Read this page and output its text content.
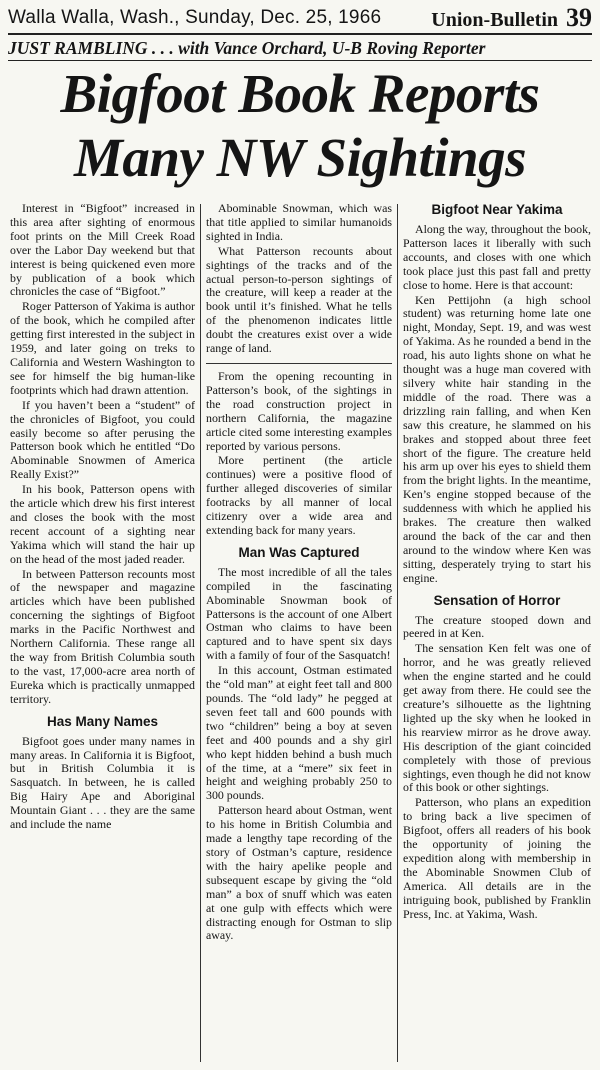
Walla Walla, Wash., Sunday, Dec. 25, 1966	Union-Bulletin 39
JUST RAMBLING . . . with Vance Orchard, U-B Roving Reporter
Bigfoot Book Reports
Many NW Sightings

Interest in “Bigfoot” increased in this area after sighting of enormous foot prints on the Mill Creek Road over the Labor Day weekend but that interest is being quickened even more by publication of a book which chronicles the case of “Bigfoot.”

Roger Patterson of Yakima is author of the book, which he compiled after getting first interested in the subject in 1959, and later going on treks to California and Western Washington to see for himself the big human-like footprints which had drawn attention.

If you haven’t been a “student” of the chronicles of Bigfoot, you could easily become so after perusing the Patterson book which he entitled “Do Abominable Snowmen of America Really Exist?”

In his book, Patterson opens with the article which drew his first interest and closes the book with the most recent account of a sighting near Yakima which will stand the hair up on the head of the most jaded reader.

In between Patterson recounts most of the newspaper and magazine articles which have been published concerning the sightings of Bigfoot marks in the Pacific Northwest and Northern California. These range all the way from British Columbia south to the vast, 17,000-acre area north of Eureka which is practically unmapped territory.

Has Many Names

Bigfoot goes under many names in many areas. In California it is Bigfoot, but in British Columbia it is Sasquatch. In between, he is called Big Hairy Ape and Aboriginal Mountain Giant . . . they are the same and include the name

Abominable Snowman, which was that title applied to similar humanoids sighted in India.

What Patterson recounts about sightings of the tracks and of the actual person-to-person sightings of the creature, will keep a reader at the book until it’s finished. What he tells of the phenomenon indicates little doubt the creatures exist over a wide range of land.

From the opening recounting in Patterson’s book, of the sightings in the road construction project in northern California, the magazine article cited some interesting examples reported by various persons.

More pertinent (the article continues) were a positive flood of further alleged discoveries of similar footracks by all manner of local citizenry over a wide area and extending back for many years.

Man Was Captured

The most incredible of all the tales compiled in the fascinating Abominable Snowman book of Pattersons is the account of one Albert Ostman who claims to have been captured and to have spent six days with a family of four of the Sasquatch!

In this account, Ostman estimated the “old man” at eight feet tall and 800 pounds. The “old lady” he pegged at seven feet tall and 600 pounds with two “children” being a boy at seven feet and 400 pounds and a shy girl who kept hidden behind a bush much of the time, at a “mere” six feet in height and weighing probably 250 to 300 pounds.

Patterson heard about Ostman, went to his home in British Columbia and made a lengthy tape recording of the story of Ostman’s capture, residence with the hairy apelike people and subsequent escape by giving the “old man” a box of snuff which was eaten at one gulp with effects which were distracting enough for Ostman to slip away.

Bigfoot Near Yakima

Along the way, throughout the book, Patterson laces it liberally with such accounts, and closes with one which took place just this past fall and pretty close to home. Here is that account:

Ken Pettijohn (a high school student) was returning home late one night, Monday, Sept. 19, and was west of Yakima. As he rounded a bend in the road, his auto lights shone on what he thought was a huge man covered with silvery white hair standing in the middle of the road. There was a drizzling rain falling, and when Ken saw this creature, he slammed on his brakes and stopped about three feet short of the figure. The creature held his arm up over his eyes to shield them from the bright lights. In the meantime, Ken’s engine stopped because of the suddenness with which he applied his brakes. The creature then walked around the back of the car and then around to the window where Ken was sitting, desperately trying to start his engine.

Sensation of Horror

The creature stooped down and peered in at Ken.

The sensation Ken felt was one of horror, and he was greatly relieved when the engine started and he could get away from there. He could see the creature’s silhouette as the lightning lighted up the sky when he looked in his rearview mirror as he drove away. His description of the giant coincided completely with those of previous sightings, even though he did not know of this book or other sightings.

Patterson, who plans an expedition to bring back a live specimen of Bigfoot, offers all readers of his book the opportunity of joining the expedition along with membership in the Abominable Snowmen Club of America. All details are in the intriguing book, published by Franklin Press, Inc. at Yakima, Wash.
